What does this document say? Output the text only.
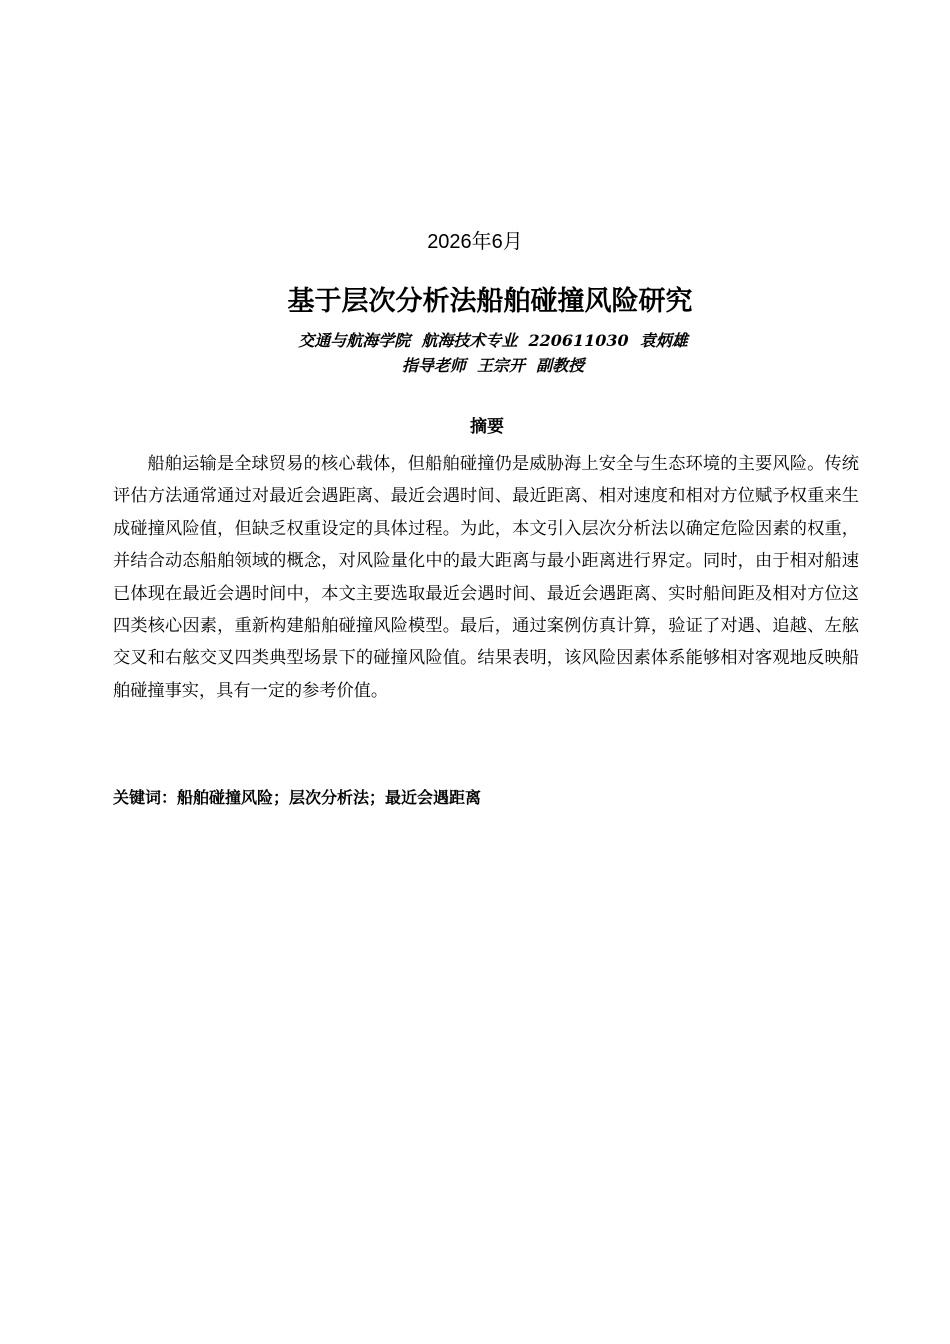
2026年6月
基于层次分析法船舶碰撞风险研究
交通与航海学院  航海技术专业  220611030  袁炳雄
指导老师  王宗开  副教授
摘要

船舶运输是全球贸易的核心载体，但船舶碰撞仍是威胁海上安全与生态环境的主要风险。传统评估方法通常通过对最近会遇距离、最近会遇时间、最近距离、相对速度和相对方位赋予权重来生成碰撞风险值，但缺乏权重设定的具体过程。为此，本文引入层次分析法以确定危险因素的权重，并结合动态船舶领域的概念，对风险量化中的最大距离与最小距离进行界定。同时，由于相对船速已体现在最近会遇时间中，本文主要选取最近会遇时间、最近会遇距离、实时船间距及相对方位这四类核心因素，重新构建船舶碰撞风险模型。最后，通过案例仿真计算，验证了对遇、追越、左舷交叉和右舷交叉四类典型场景下的碰撞风险值。结果表明，该风险因素体系能够相对客观地反映船舶碰撞事实，具有一定的参考价值。

关键词：船舶碰撞风险；层次分析法；最近会遇距离
